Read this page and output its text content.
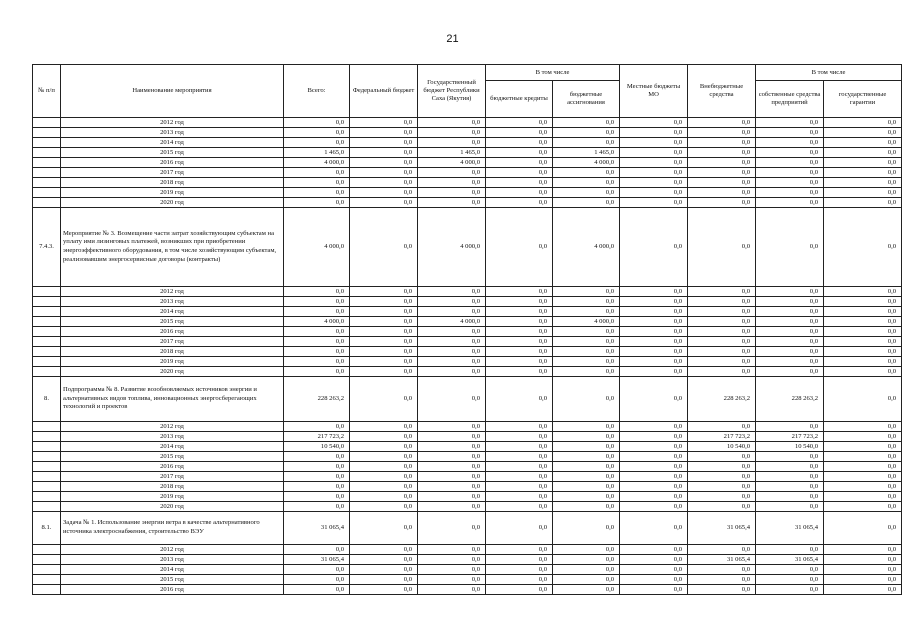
21
№ п/п	Наименование мероприятия	Всего:	Федеральный бюджет	Государственный бюджет Республики Саха (Якутия)	В том числе		Местные бюджеты МО	Внебюджетные средства	В том числе	
					бюджетные кредиты	бюджетные ассигнования			собственные средства предприятий	государственные гарантии
	2012 год	0,0	0,0	0,0	0,0	0,0	0,0	0,0	0,0	0,0
	2013 год	0,0	0,0	0,0	0,0	0,0	0,0	0,0	0,0	0,0
	2014 год	0,0	0,0	0,0	0,0	0,0	0,0	0,0	0,0	0,0
	2015 год	1 465,0	0,0	1 465,0	0,0	1 465,0	0,0	0,0	0,0	0,0
	2016 год	4 000,0	0,0	4 000,0	0,0	4 000,0	0,0	0,0	0,0	0,0
	2017 год	0,0	0,0	0,0	0,0	0,0	0,0	0,0	0,0	0,0
	2018 год	0,0	0,0	0,0	0,0	0,0	0,0	0,0	0,0	0,0
	2019 год	0,0	0,0	0,0	0,0	0,0	0,0	0,0	0,0	0,0
	2020 год	0,0	0,0	0,0	0,0	0,0	0,0	0,0	0,0	0,0
7.4.3.	Мероприятие № 3. Возмещение части затрат хозяйствующим субъектам на уплату ими лизинговых платежей, возникших при приобретении энергоэффективного оборудования, в том числе хозяйствующим субъектам, реализовавшим энергосервисные договоры (контракты)	4 000,0	0,0	4 000,0	0,0	4 000,0	0,0	0,0	0,0	0,0
	2012 год	0,0	0,0	0,0	0,0	0,0	0,0	0,0	0,0	0,0
	2013 год	0,0	0,0	0,0	0,0	0,0	0,0	0,0	0,0	0,0
	2014 год	0,0	0,0	0,0	0,0	0,0	0,0	0,0	0,0	0,0
	2015 год	4 000,0	0,0	4 000,0	0,0	4 000,0	0,0	0,0	0,0	0,0
	2016 год	0,0	0,0	0,0	0,0	0,0	0,0	0,0	0,0	0,0
	2017 год	0,0	0,0	0,0	0,0	0,0	0,0	0,0	0,0	0,0
	2018 год	0,0	0,0	0,0	0,0	0,0	0,0	0,0	0,0	0,0
	2019 год	0,0	0,0	0,0	0,0	0,0	0,0	0,0	0,0	0,0
	2020 год	0,0	0,0	0,0	0,0	0,0	0,0	0,0	0,0	0,0
8.	Подпрограмма № 8. Развитие возобновляемых источников энергии и альтернативных видов топлива, инновационных энергосберегающих технологий и проектов	228 263,2	0,0	0,0	0,0	0,0	0,0	228 263,2	228 263,2	0,0
	2012 год	0,0	0,0	0,0	0,0	0,0	0,0	0,0	0,0	0,0
	2013 год	217 723,2	0,0	0,0	0,0	0,0	0,0	217 723,2	217 723,2	0,0
	2014 год	10 540,0	0,0	0,0	0,0	0,0	0,0	10 540,0	10 540,0	0,0
	2015 год	0,0	0,0	0,0	0,0	0,0	0,0	0,0	0,0	0,0
	2016 год	0,0	0,0	0,0	0,0	0,0	0,0	0,0	0,0	0,0
	2017 год	0,0	0,0	0,0	0,0	0,0	0,0	0,0	0,0	0,0
	2018 год	0,0	0,0	0,0	0,0	0,0	0,0	0,0	0,0	0,0
	2019 год	0,0	0,0	0,0	0,0	0,0	0,0	0,0	0,0	0,0
	2020 год	0,0	0,0	0,0	0,0	0,0	0,0	0,0	0,0	0,0
8.1.	Задача № 1. Использование энергии ветра в качестве альтернативного источника электроснабжения, строительство ВЭУ	31 065,4	0,0	0,0	0,0	0,0	0,0	31 065,4	31 065,4	0,0
	2012 год	0,0	0,0	0,0	0,0	0,0	0,0	0,0	0,0	0,0
	2013 год	31 065,4	0,0	0,0	0,0	0,0	0,0	31 065,4	31 065,4	0,0
	2014 год	0,0	0,0	0,0	0,0	0,0	0,0	0,0	0,0	0,0
	2015 год	0,0	0,0	0,0	0,0	0,0	0,0	0,0	0,0	0,0
	2016 год	0,0	0,0	0,0	0,0	0,0	0,0	0,0	0,0	0,0
